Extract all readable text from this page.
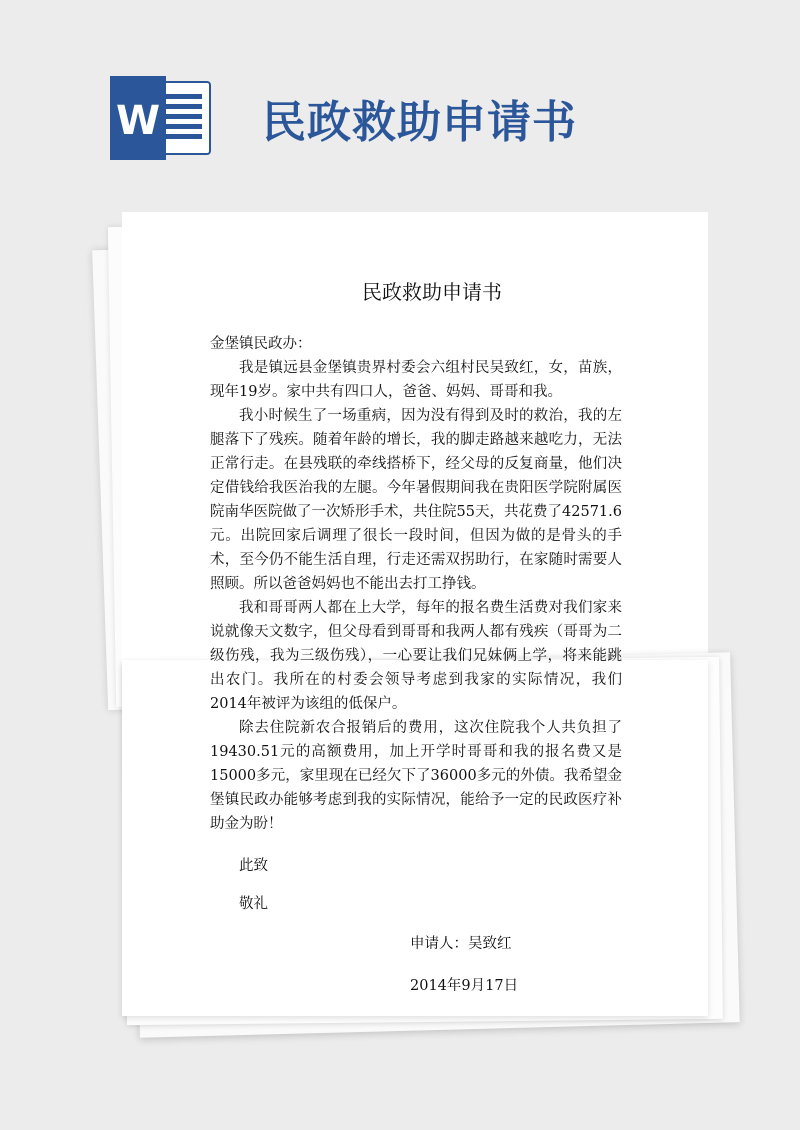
W 民政救助申请书
民政救助申请书
金堡镇民政办：

我是镇远县金堡镇贵界村委会六组村民吴致红，女，苗族，现年19岁。家中共有四口人，爸爸、妈妈、哥哥和我。

我小时候生了一场重病，因为没有得到及时的救治，我的左腿落下了残疾。随着年龄的增长，我的脚走路越来越吃力，无法正常行走。在县残联的牵线搭桥下，经父母的反复商量，他们决定借钱给我医治我的左腿。今年暑假期间我在贵阳医学院附属医院南华医院做了一次矫形手术，共住院55天，共花费了42571.6元。出院回家后调理了很长一段时间，但因为做的是骨头的手术，至今仍不能生活自理，行走还需双拐助行，在家随时需要人照顾。所以爸爸妈妈也不能出去打工挣钱。

我和哥哥两人都在上大学，每年的报名费生活费对我们家来说就像天文数字，但父母看到哥哥和我两人都有残疾（哥哥为二级伤残，我为三级伤残），一心要让我们兄妹俩上学，将来能跳出农门。我所在的村委会领导考虑到我家的实际情况，我们2014年被评为该组的低保户。

除去住院新农合报销后的费用，这次住院我个人共负担了19430.51元的高额费用，加上开学时哥哥和我的报名费又是15000多元，家里现在已经欠下了36000多元的外债。我希望金堡镇民政办能够考虑到我的实际情况，能给予一定的民政医疗补助金为盼！

此致
敬礼
申请人：吴致红
2014年9月17日
